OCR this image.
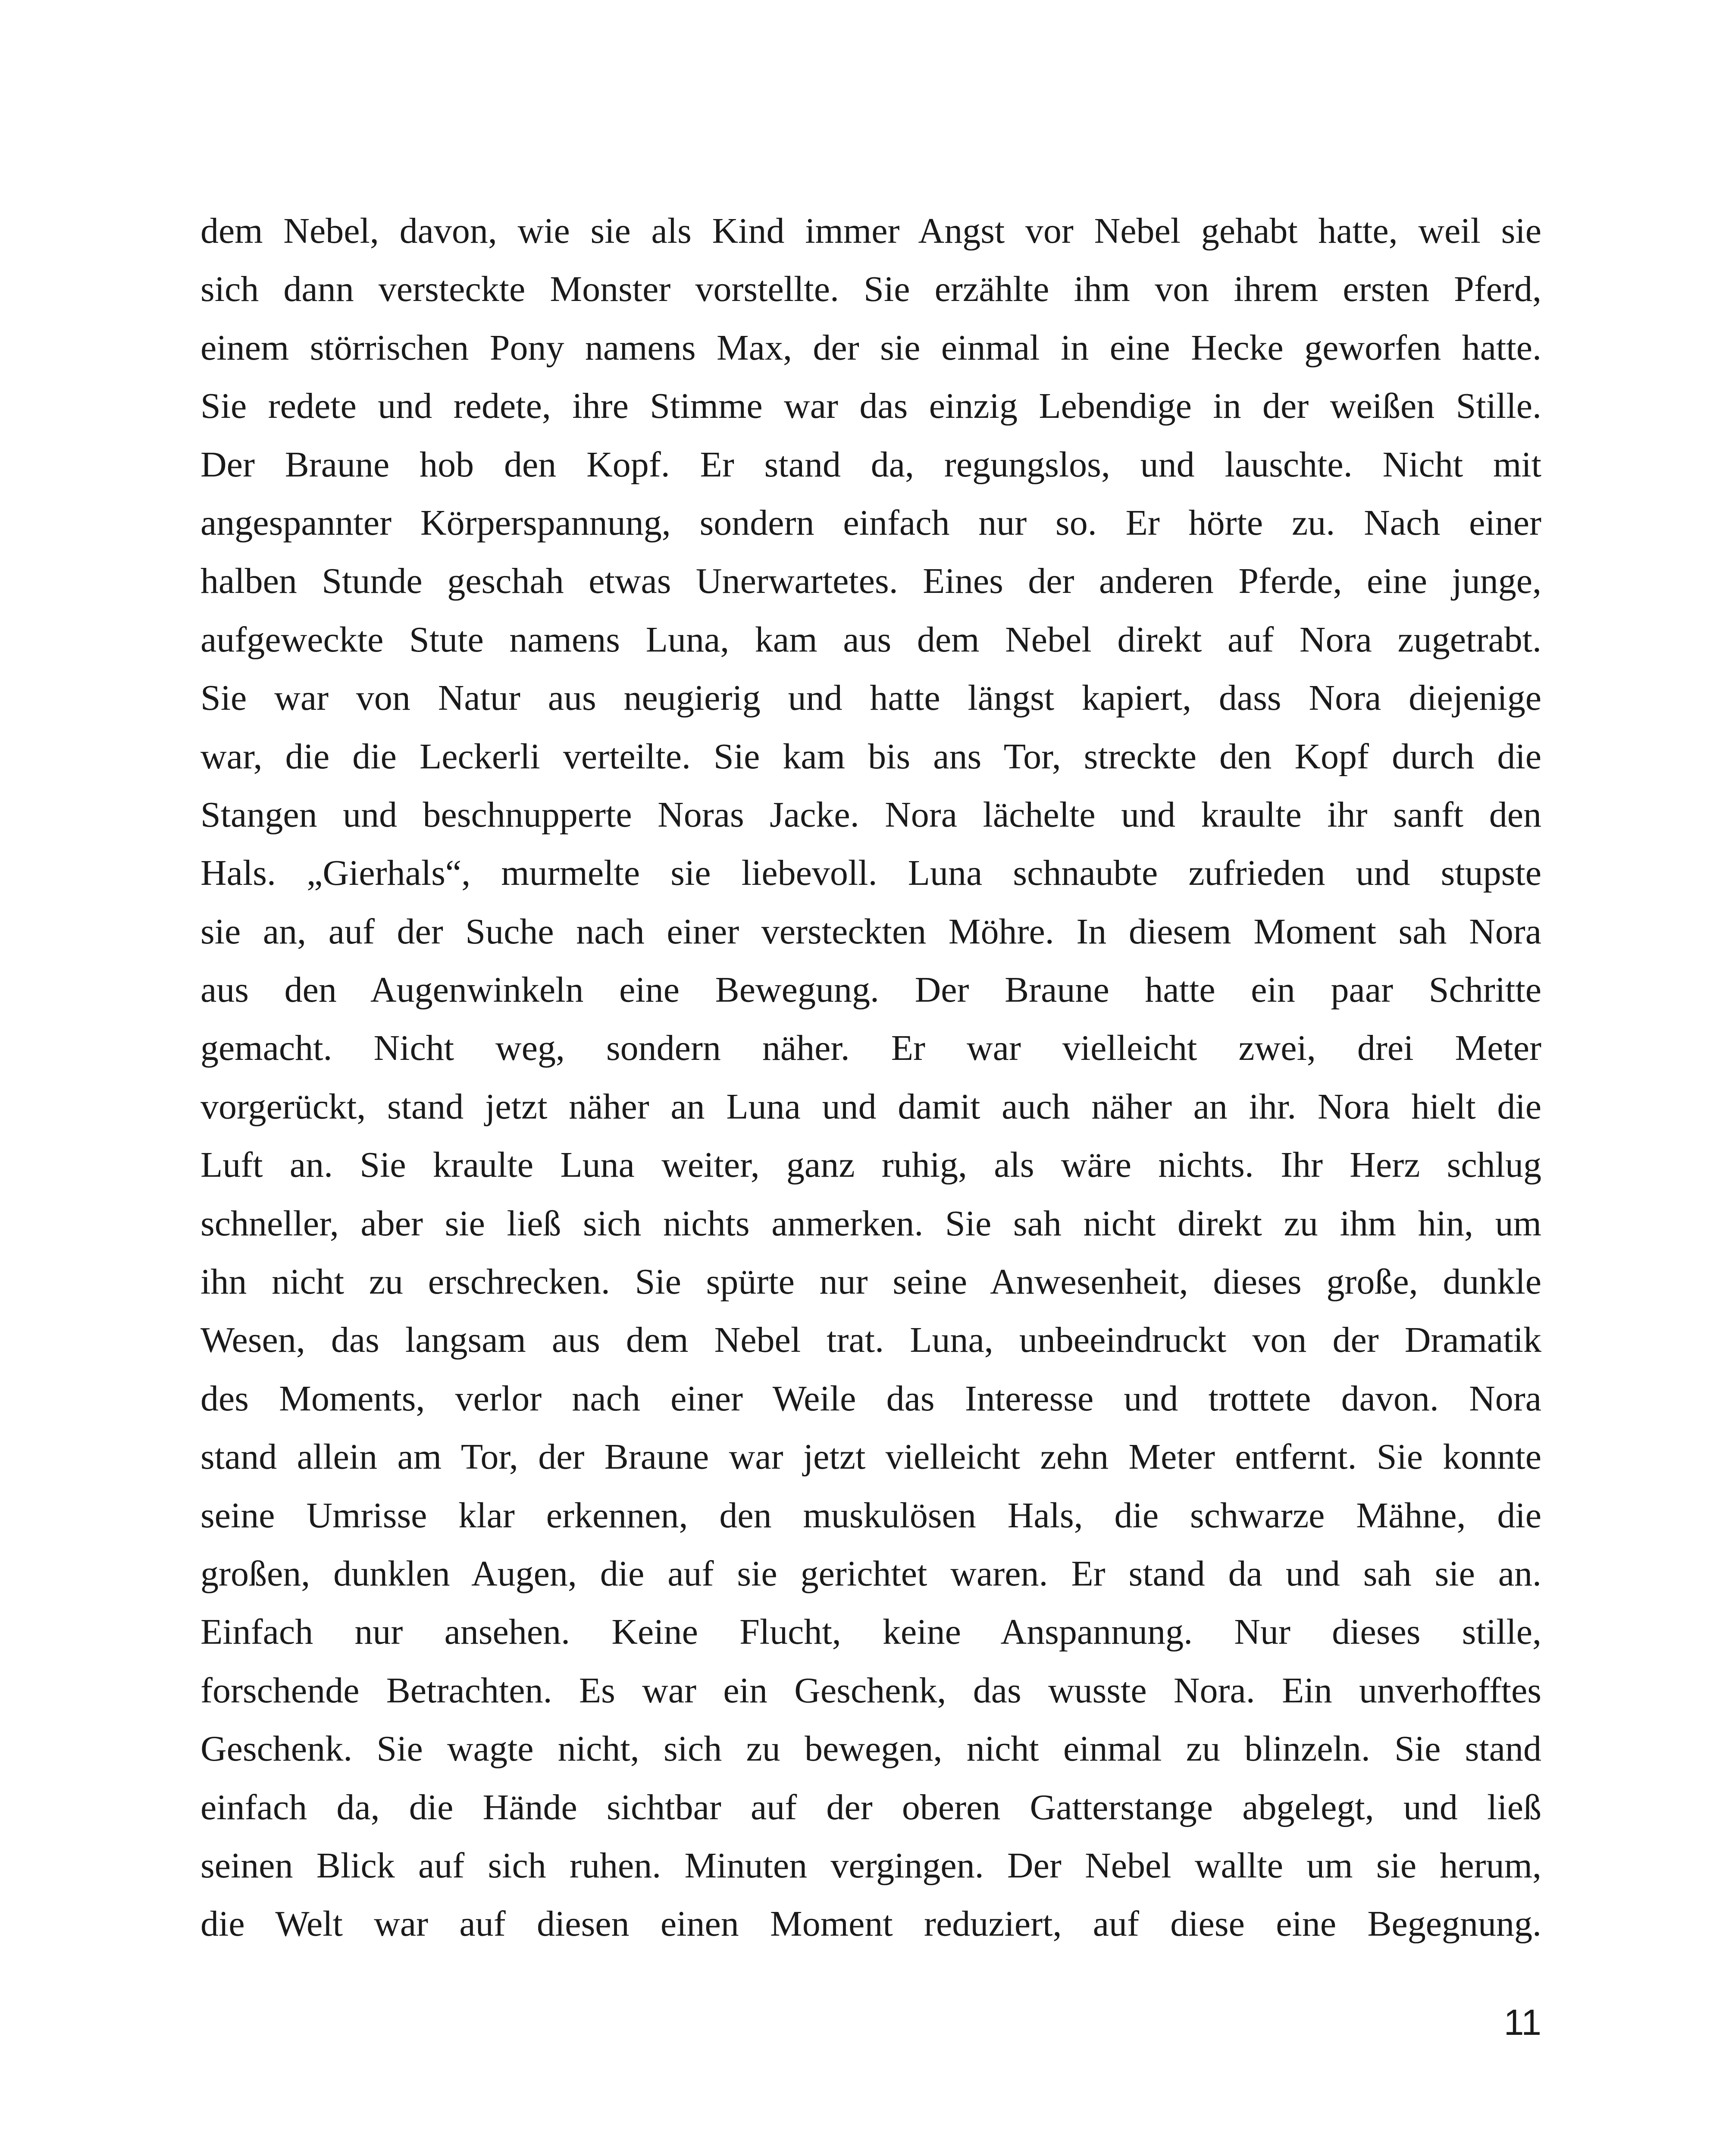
dem Nebel, davon, wie sie als Kind immer Angst vor Nebel gehabt hatte, weil sie
sich dann versteckte Monster vorstellte. Sie erzählte ihm von ihrem ersten Pferd,
einem störrischen Pony namens Max, der sie einmal in eine Hecke geworfen hatte.
Sie redete und redete, ihre Stimme war das einzig Lebendige in der weißen Stille.
Der Braune hob den Kopf. Er stand da, regungslos, und lauschte. Nicht mit
angespannter Körperspannung, sondern einfach nur so. Er hörte zu. Nach einer
halben Stunde geschah etwas Unerwartetes. Eines der anderen Pferde, eine junge,
aufgeweckte Stute namens Luna, kam aus dem Nebel direkt auf Nora zugetrabt.
Sie war von Natur aus neugierig und hatte längst kapiert, dass Nora diejenige
war, die die Leckerli verteilte. Sie kam bis ans Tor, streckte den Kopf durch die
Stangen und beschnupperte Noras Jacke. Nora lächelte und kraulte ihr sanft den
Hals. „Gierhals“, murmelte sie liebevoll. Luna schnaubte zufrieden und stupste
sie an, auf der Suche nach einer versteckten Möhre. In diesem Moment sah Nora
aus den Augenwinkeln eine Bewegung. Der Braune hatte ein paar Schritte
gemacht. Nicht weg, sondern näher. Er war vielleicht zwei, drei Meter
vorgerückt, stand jetzt näher an Luna und damit auch näher an ihr. Nora hielt die
Luft an. Sie kraulte Luna weiter, ganz ruhig, als wäre nichts. Ihr Herz schlug
schneller, aber sie ließ sich nichts anmerken. Sie sah nicht direkt zu ihm hin, um
ihn nicht zu erschrecken. Sie spürte nur seine Anwesenheit, dieses große, dunkle
Wesen, das langsam aus dem Nebel trat. Luna, unbeeindruckt von der Dramatik
des Moments, verlor nach einer Weile das Interesse und trottete davon. Nora
stand allein am Tor, der Braune war jetzt vielleicht zehn Meter entfernt. Sie konnte
seine Umrisse klar erkennen, den muskulösen Hals, die schwarze Mähne, die
großen, dunklen Augen, die auf sie gerichtet waren. Er stand da und sah sie an.
Einfach nur ansehen. Keine Flucht, keine Anspannung. Nur dieses stille,
forschende Betrachten. Es war ein Geschenk, das wusste Nora. Ein unverhofftes
Geschenk. Sie wagte nicht, sich zu bewegen, nicht einmal zu blinzeln. Sie stand
einfach da, die Hände sichtbar auf der oberen Gatterstange abgelegt, und ließ
seinen Blick auf sich ruhen. Minuten vergingen. Der Nebel wallte um sie herum,
die Welt war auf diesen einen Moment reduziert, auf diese eine Begegnung.
11
